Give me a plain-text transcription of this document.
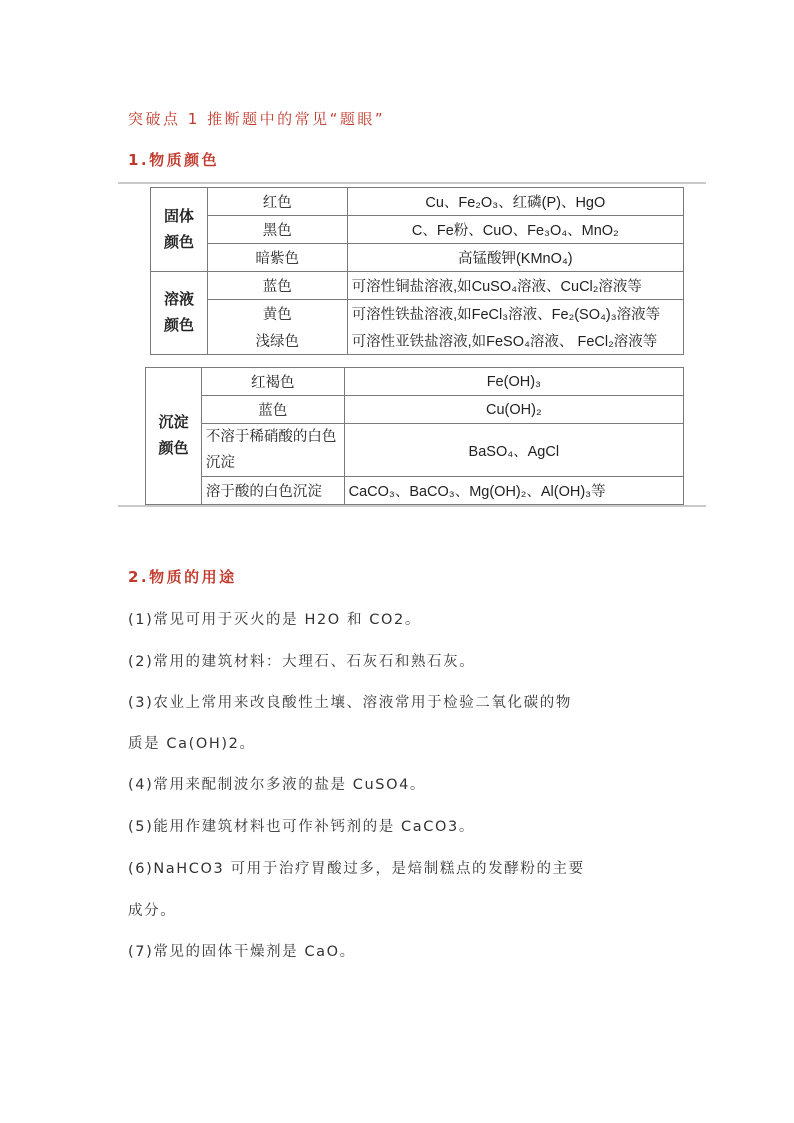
突破点 1 推断题中的常见“题眼”
1.物质颜色
固体
颜色	红色	Cu、Fe₂O₃、红磷(P)、HgO
	黑色	C、Fe粉、CuO、Fe₃O₄、MnO₂
	暗紫色	高锰酸钾(KMnO₄)

溶液
颜色	蓝色	可溶性铜盐溶液,如CuSO₄溶液、CuCl₂溶液等
	黄色	可溶性铁盐溶液,如FeCl₃溶液、Fe₂(SO₄)₃溶液等
	浅绿色	可溶性亚铁盐溶液,如FeSO₄溶液、 FeCl₂溶液等
沉淀
颜色	红褐色	Fe(OH)₃
	蓝色	Cu(OH)₂
	不溶于稀硝酸的白色沉淀	BaSO₄、AgCl
	溶于酸的白色沉淀	CaCO₃、BaCO₃、Mg(OH)₂、Al(OH)₃等
2.物质的用途
(1)常见可用于灭火的是 H2O 和 CO2。
(2)常用的建筑材料：大理石、石灰石和熟石灰。
(3)农业上常用来改良酸性土壤、溶液常用于检验二氧化碳的物
质是 Ca(OH)2。
(4)常用来配制波尔多液的盐是 CuSO4。
(5)能用作建筑材料也可作补钙剂的是 CaCO3。
(6)NaHCO3 可用于治疗胃酸过多，是焙制糕点的发酵粉的主要
成分。
(7)常见的固体干燥剂是 CaO。
